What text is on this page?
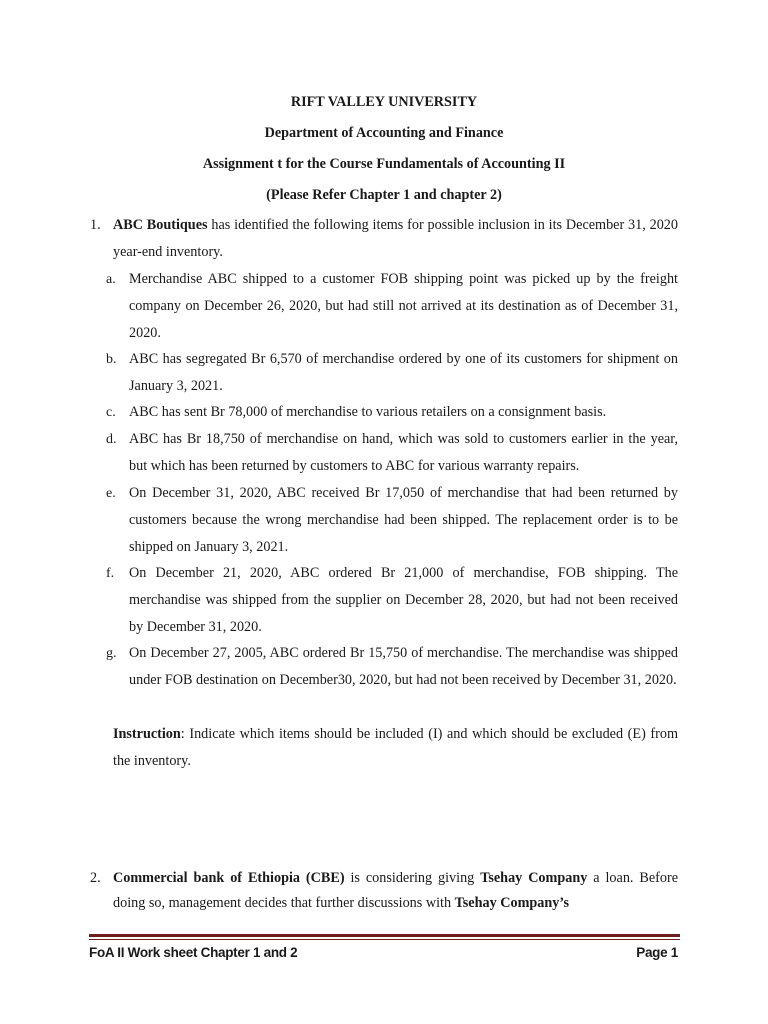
RIFT VALLEY UNIVERSITY
Department of Accounting and Finance
Assignment t for the Course Fundamentals of Accounting II
(Please Refer Chapter 1 and chapter 2)
1. ABC Boutiques has identified the following items for possible inclusion in its December 31, 2020 year-end inventory.
a. Merchandise ABC shipped to a customer FOB shipping point was picked up by the freight company on December 26, 2020, but had still not arrived at its destination as of December 31, 2020.
b. ABC has segregated Br 6,570 of merchandise ordered by one of its customers for shipment on January 3, 2021.
c. ABC has sent Br 78,000 of merchandise to various retailers on a consignment basis.
d. ABC has Br 18,750 of merchandise on hand, which was sold to customers earlier in the year, but which has been returned by customers to ABC for various warranty repairs.
e. On December 31, 2020, ABC received Br 17,050 of merchandise that had been returned by customers because the wrong merchandise had been shipped. The replacement order is to be shipped on January 3, 2021.
f. On December 21, 2020, ABC ordered Br 21,000 of merchandise, FOB shipping. The merchandise was shipped from the supplier on December 28, 2020, but had not been received by December 31, 2020.
g. On December 27, 2005, ABC ordered Br 15,750 of merchandise. The merchandise was shipped under FOB destination on December30, 2020, but had not been received by December 31, 2020.
Instruction: Indicate which items should be included (I) and which should be excluded (E) from the inventory.
2. Commercial bank of Ethiopia (CBE) is considering giving Tsehay Company a loan. Before doing so, management decides that further discussions with Tsehay Company’s
FoA II Work sheet Chapter 1 and 2	Page 1
